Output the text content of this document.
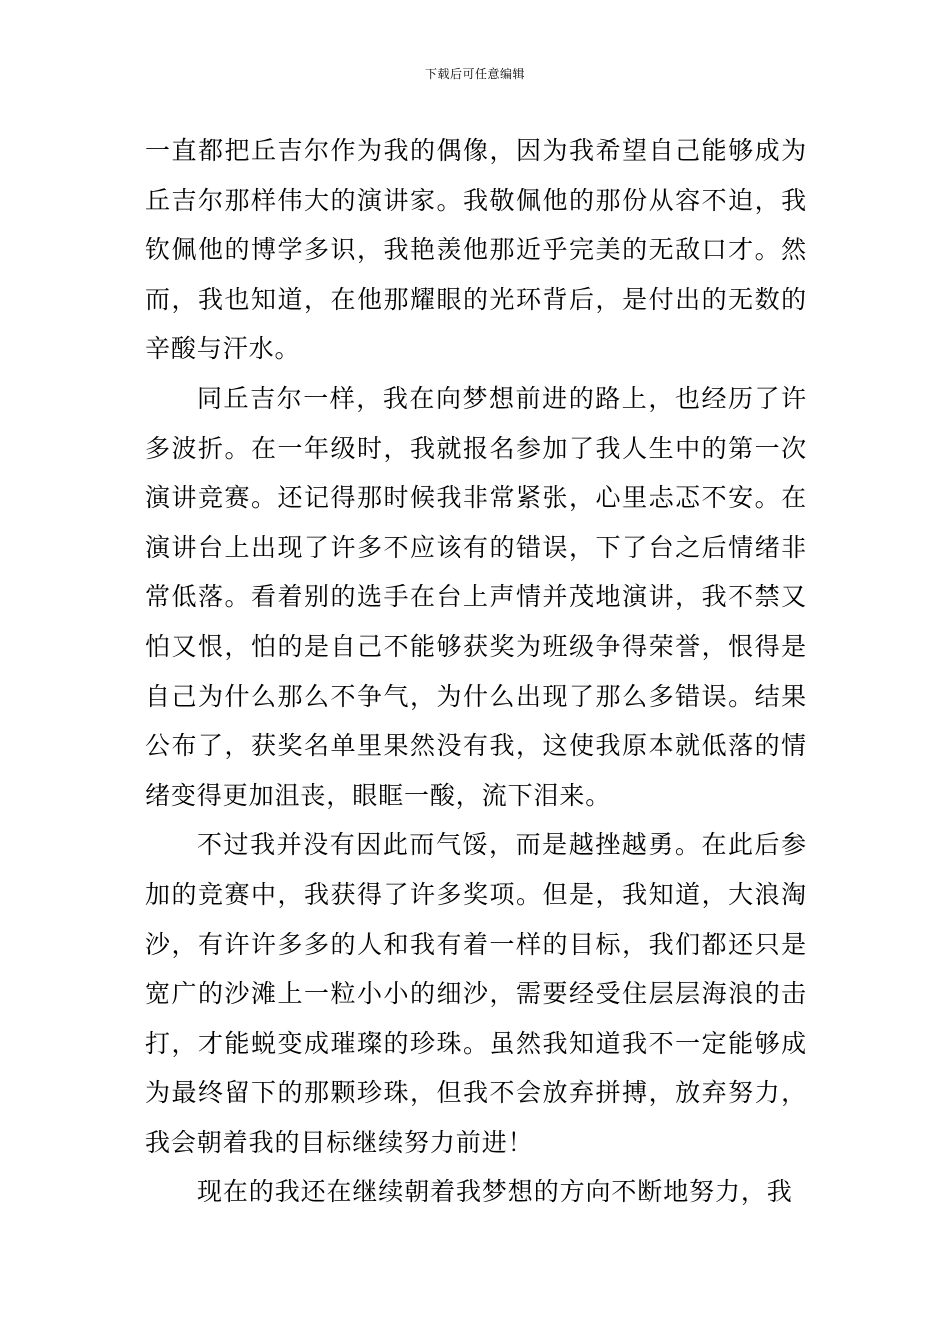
下载后可任意编辑

一直都把丘吉尔作为我的偶像，因为我希望自己能够成为丘吉尔那样伟大的演讲家。我敬佩他的那份从容不迫，我钦佩他的博学多识，我艳羡他那近乎完美的无敌口才。然而，我也知道，在他那耀眼的光环背后，是付出的无数的辛酸与汗水。

同丘吉尔一样，我在向梦想前进的路上，也经历了许多波折。在一年级时，我就报名参加了我人生中的第一次演讲竞赛。还记得那时候我非常紧张，心里忐忑不安。在演讲台上出现了许多不应该有的错误，下了台之后情绪非常低落。看着别的选手在台上声情并茂地演讲，我不禁又怕又恨，怕的是自己不能够获奖为班级争得荣誉，恨得是自己为什么那么不争气，为什么出现了那么多错误。结果公布了，获奖名单里果然没有我，这使我原本就低落的情绪变得更加沮丧，眼眶一酸，流下泪来。

不过我并没有因此而气馁，而是越挫越勇。在此后参加的竞赛中，我获得了许多奖项。但是，我知道，大浪淘沙，有许许多多的人和我有着一样的目标，我们都还只是宽广的沙滩上一粒小小的细沙，需要经受住层层海浪的击打，才能蜕变成璀璨的珍珠。虽然我知道我不一定能够成为最终留下的那颗珍珠，但我不会放弃拼搏，放弃努力，我会朝着我的目标继续努力前进！

现在的我还在继续朝着我梦想的方向不断地努力，我
